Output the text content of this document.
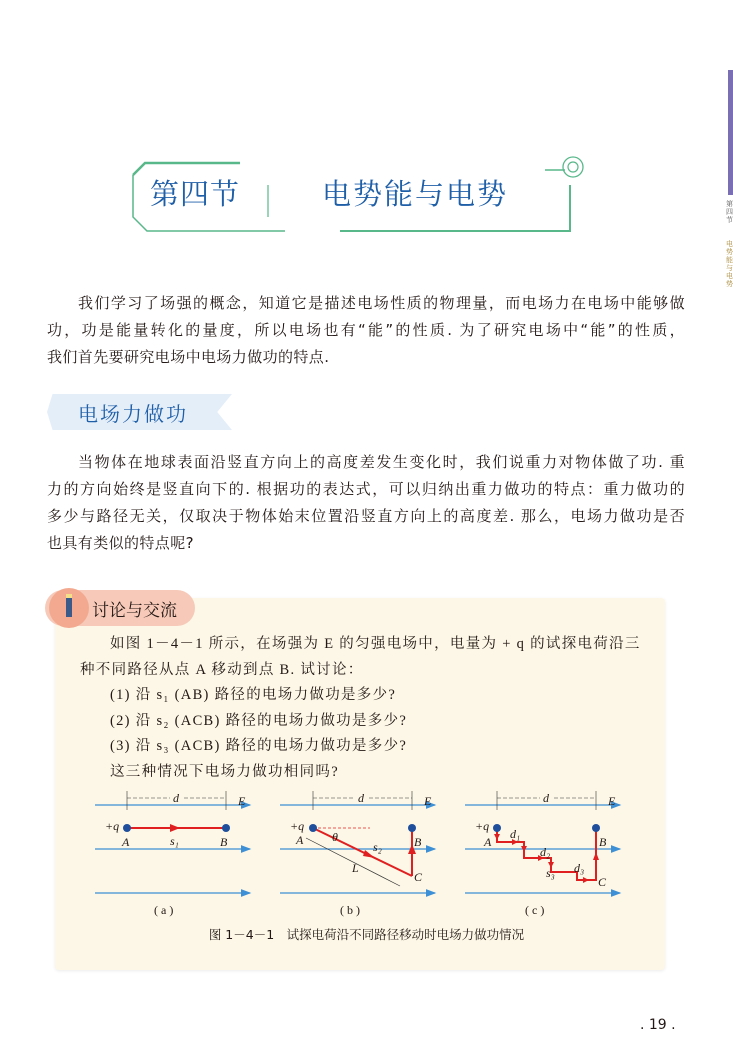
第四节	电势能与电势	第四节
电势能与电势
我们学习了场强的概念，知道它是描述电场性质的物理量，而电场力在电场中能够做
功，功是能量转化的量度，所以电场也有“能”的性质. 为了研究电场中“能”的性质，
我们首先要研究电场中电场力做功的特点.
电场力做功
当物体在地球表面沿竖直方向上的高度差发生变化时，我们说重力对物体做了功. 重
力的方向始终是竖直向下的. 根据功的表达式，可以归纳出重力做功的特点：重力做功的
多少与路径无关，仅取决于物体始末位置沿竖直方向上的高度差. 那么，电场力做功是否
也具有类似的特点呢?
讨论与交流
如图 1－4－1 所示，在场强为 E 的匀强电场中，电量为 + q 的试探电荷沿三
种不同路径从点 A 移动到点 B. 试讨论：
(1) 沿 s₁ (AB) 路径的电场力做功是多少?
(2) 沿 s₂ (ACB) 路径的电场力做功是多少?
(3) 沿 s₃ (ACB) 路径的电场力做功是多少?
这三种情况下电场力做功相同吗?
E
d
+q
A	B
s₁
( a )
E
d
+q
A	B
C
s₂
θ
L
( b )
E
d
+q
A	B
C
d₁
d₂
s₃ d₃
( c )
图 1－4－1　试探电荷沿不同路径移动时电场力做功情况
. 19 .
